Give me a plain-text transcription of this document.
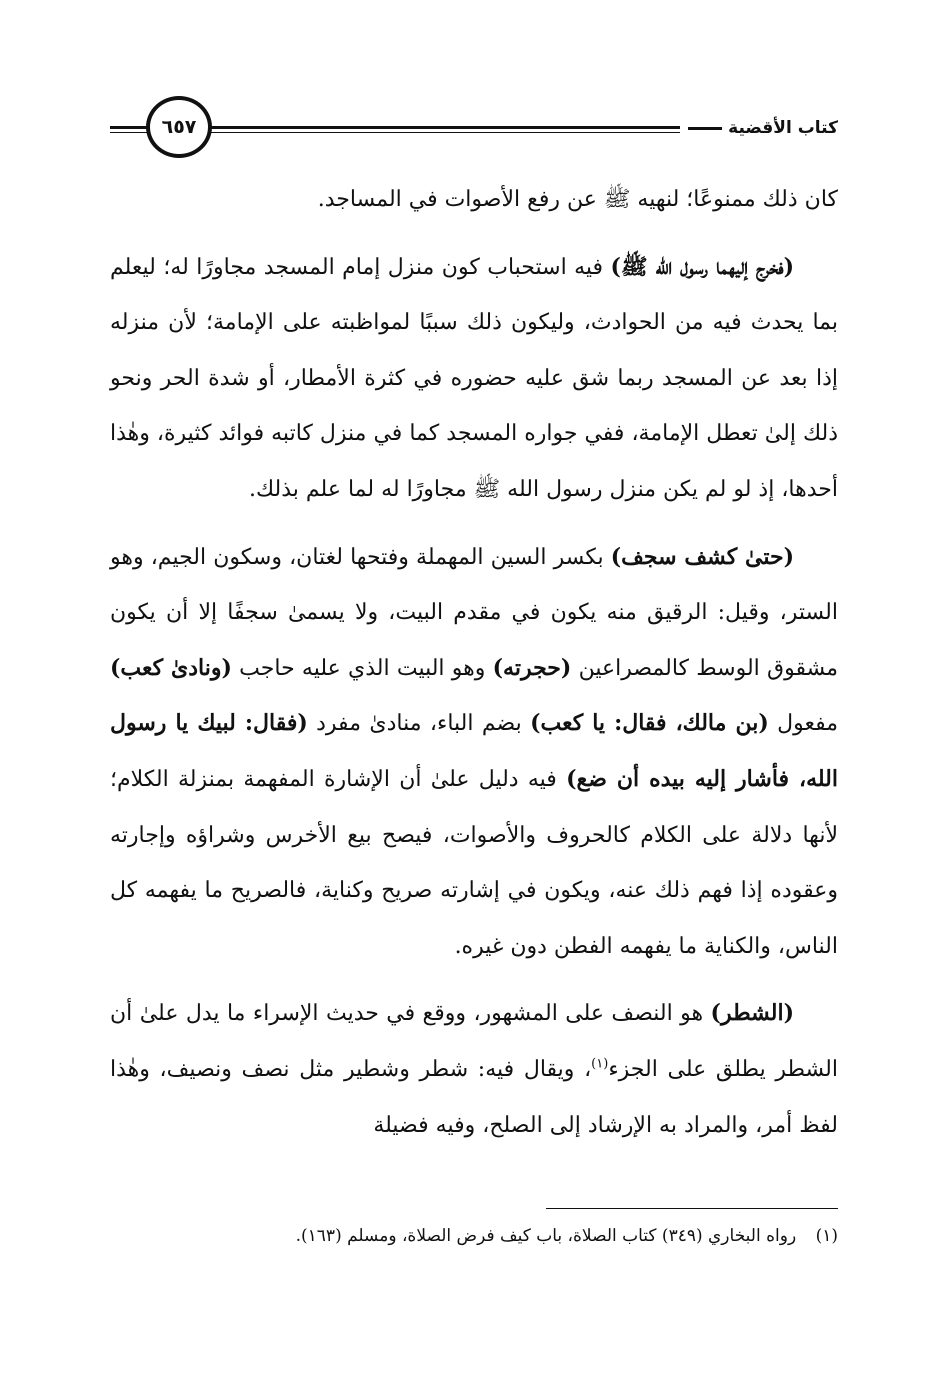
كتاب الأقضية
٦٥٧

كان ذلك ممنوعًا؛ لنهيه ﷺ عن رفع الأصوات في المساجد.

(فخرج إليهما رسول الله ﷺ) فيه استحباب كون منزل إمام المسجد مجاورًا له؛ ليعلم بما يحدث فيه من الحوادث، وليكون ذلك سببًا لمواظبته على الإمامة؛ لأن منزله إذا بعد عن المسجد ربما شق عليه حضوره في كثرة الأمطار، أو شدة الحر ونحو ذلك إلىٰ تعطل الإمامة، ففي جواره المسجد كما في منزل كاتبه فوائد كثيرة، وهٰذا أحدها، إذ لو لم يكن منزل رسول الله ﷺ مجاورًا له لما علم بذلك.

(حتىٰ كشف سجف) بكسر السين المهملة وفتحها لغتان، وسكون الجيم، وهو الستر، وقيل: الرقيق منه يكون في مقدم البيت، ولا يسمىٰ سجفًا إلا أن يكون مشقوق الوسط كالمصراعين (حجرته) وهو البيت الذي عليه حاجب (ونادىٰ كعب) مفعول (بن مالك، فقال: يا كعب) بضم الباء، منادىٰ مفرد (فقال: لبيك يا رسول الله، فأشار إليه بيده أن ضع) فيه دليل علىٰ أن الإشارة المفهمة بمنزلة الكلام؛ لأنها دلالة على الكلام كالحروف والأصوات، فيصح بيع الأخرس وشراؤه وإجارته وعقوده إذا فهم ذلك عنه، ويكون في إشارته صريح وكناية، فالصريح ما يفهمه كل الناس، والكناية ما يفهمه الفطن دون غيره.

(الشطر) هو النصف على المشهور، ووقع في حديث الإسراء ما يدل علىٰ أن الشطر يطلق على الجزء$^{(١)}$، ويقال فيه: شطر وشطير مثل نصف ونصيف، وهٰذا لفظ أمر، والمراد به الإرشاد إلى الصلح، وفيه فضيلة

(١) رواه البخاري (٣٤٩) كتاب الصلاة، باب كيف فرض الصلاة، ومسلم (١٦٣).
